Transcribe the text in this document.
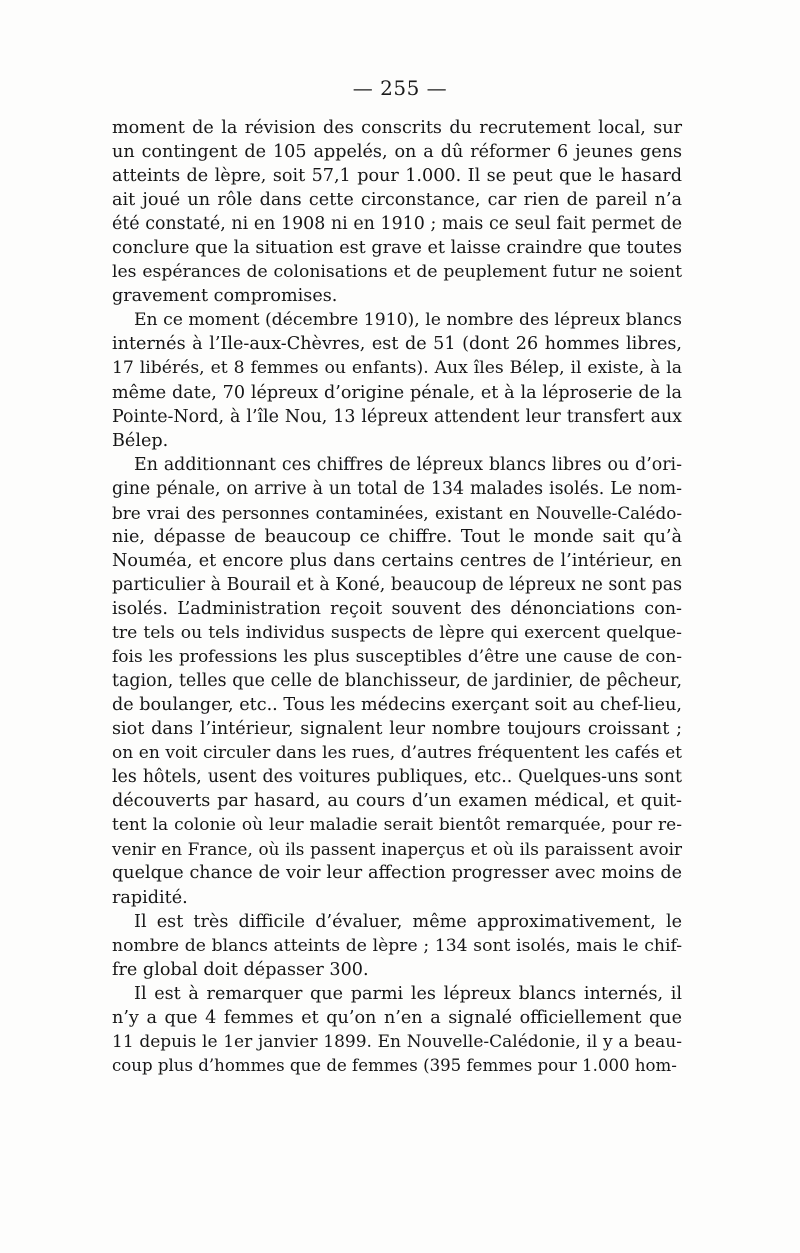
— 255 —
moment de la révision des conscrits du recrutement local, sur
un contingent de 105 appelés, on a dû réformer 6 jeunes gens
atteints de lèpre, soit 57,1 pour 1.000. Il se peut que le hasard
ait joué un rôle dans cette circonstance, car rien de pareil n’a
été constaté, ni en 1908 ni en 1910 ; mais ce seul fait permet de
conclure que la situation est grave et laisse craindre que toutes
les espérances de colonisations et de peuplement futur ne soient
gravement compromises.
En ce moment (décembre 1910), le nombre des lépreux blancs
internés à l’Ile-aux-Chèvres, est de 51 (dont 26 hommes libres,
17 libérés, et 8 femmes ou enfants). Aux îles Bélep, il existe, à la
même date, 70 lépreux d’origine pénale, et à la léproserie de la
Pointe-Nord, à l’île Nou, 13 lépreux attendent leur transfert aux
Bélep.
En additionnant ces chiffres de lépreux blancs libres ou d’ori-
gine pénale, on arrive à un total de 134 malades isolés. Le nom-
bre vrai des personnes contaminées, existant en Nouvelle-Calédo-
nie, dépasse de beaucoup ce chiffre. Tout le monde sait qu’à
Nouméa, et encore plus dans certains centres de l’intérieur, en
particulier à Bourail et à Koné, beaucoup de lépreux ne sont pas
isolés. L’administration reçoit souvent des dénonciations con-
tre tels ou tels individus suspects de lèpre qui exercent quelque-
fois les professions les plus susceptibles d’être une cause de con-
tagion, telles que celle de blanchisseur, de jardinier, de pêcheur,
de boulanger, etc.. Tous les médecins exerçant soit au chef-lieu,
siot dans l’intérieur, signalent leur nombre toujours croissant ;
on en voit circuler dans les rues, d’autres fréquentent les cafés et
les hôtels, usent des voitures publiques, etc.. Quelques-uns sont
découverts par hasard, au cours d’un examen médical, et quit-
tent la colonie où leur maladie serait bientôt remarquée, pour re-
venir en France, où ils passent inaperçus et où ils paraissent avoir
quelque chance de voir leur affection progresser avec moins de
rapidité.
Il est très difficile d’évaluer, même approximativement, le
nombre de blancs atteints de lèpre ; 134 sont isolés, mais le chif-
fre global doit dépasser 300.
Il est à remarquer que parmi les lépreux blancs internés, il
n’y a que 4 femmes et qu’on n’en a signalé officiellement que
11 depuis le 1er janvier 1899. En Nouvelle-Calédonie, il y a beau-
coup plus d’hommes que de femmes (395 femmes pour 1.000 hom-
